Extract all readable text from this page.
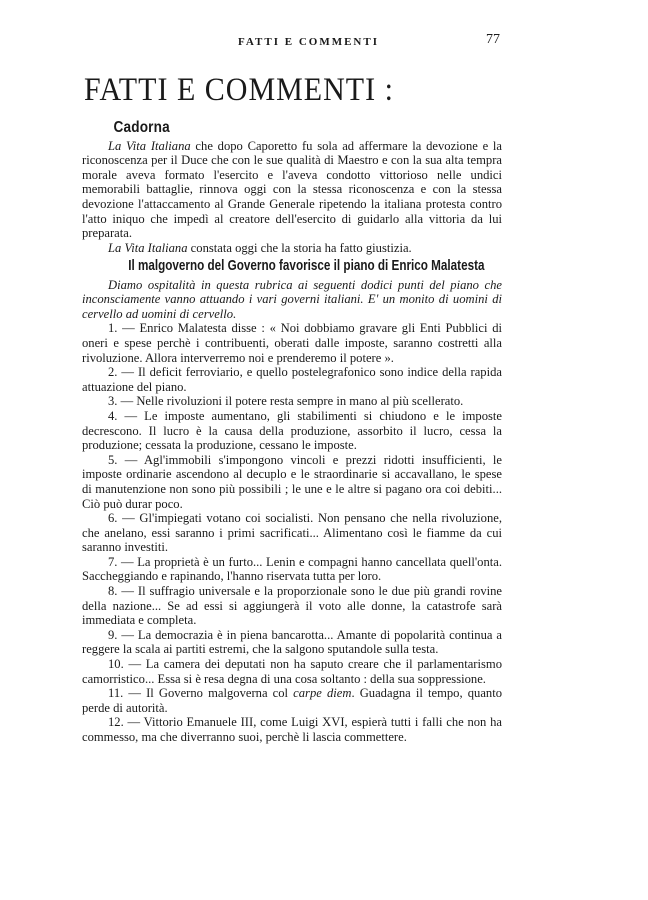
FATTI E COMMENTI	77
FATTI E COMMENTI :

Cadorna

La Vita Italiana che dopo Caporetto fu sola ad affermare la devozione e la riconoscenza per il Duce che con le sue qualità di Maestro e con la sua alta tempra morale aveva formato l'esercito e l'aveva condotto vittorioso nelle undici memorabili battaglie, rinnova oggi con la stessa riconoscenza e con la stessa devozione l'attaccamento al Grande Generale ripetendo la italiana protesta contro l'atto iniquo che impedì al creatore dell'esercito di guidarlo alla vittoria da lui preparata.

La Vita Italiana constata oggi che la storia ha fatto giustizia.

Il malgoverno del Governo favorisce il piano di Enrico Malatesta

Diamo ospitalità in questa rubrica ai seguenti dodici punti del piano che inconsciamente vanno attuando i vari governi italiani. E' un monito di uomini di cervello ad uomini di cervello.

1. — Enrico Malatesta disse : « Noi dobbiamo gravare gli Enti Pubblici di oneri e spese perchè i contribuenti, oberati dalle imposte, saranno costretti alla rivoluzione. Allora interverremo noi e prenderemo il potere ».

2. — Il deficit ferroviario, e quello postelegrafonico sono indice della rapida attuazione del piano.

3. — Nelle rivoluzioni il potere resta sempre in mano al più scellerato.

4. — Le imposte aumentano, gli stabilimenti si chiudono e le imposte decrescono. Il lucro è la causa della produzione, assorbito il lucro, cessa la produzione; cessata la produzione, cessano le imposte.

5. — Agl'immobili s'impongono vincoli e prezzi ridotti insufficienti, le imposte ordinarie ascendono al decuplo e le straordinarie si accavallano, le spese di manutenzione non sono più possibili ; le une e le altre si pagano ora coi debiti... Ciò può durar poco.

6. — Gl'impiegati votano coi socialisti. Non pensano che nella rivoluzione, che anelano, essi saranno i primi sacrificati... Alimentano così le fiamme da cui saranno investiti.

7. — La proprietà è un furto... Lenin e compagni hanno cancellata quell'onta. Saccheggiando e rapinando, l'hanno riservata tutta per loro.

8. — Il suffragio universale e la proporzionale sono le due più grandi rovine della nazione... Se ad essi si aggiungerà il voto alle donne, la catastrofe sarà immediata e completa.

9. — La democrazia è in piena bancarotta... Amante di popolarità continua a reggere la scala ai partiti estremi, che la salgono sputandole sulla testa.

10. — La camera dei deputati non ha saputo creare che il parlamentarismo camorristico... Essa si è resa degna di una cosa soltanto : della sua soppressione.

11. — Il Governo malgoverna col carpe diem. Guadagna il tempo, quanto perde di autorità.

12. — Vittorio Emanuele III, come Luigi XVI, espierà tutti i falli che non ha commesso, ma che diverranno suoi, perchè li lascia commettere.
